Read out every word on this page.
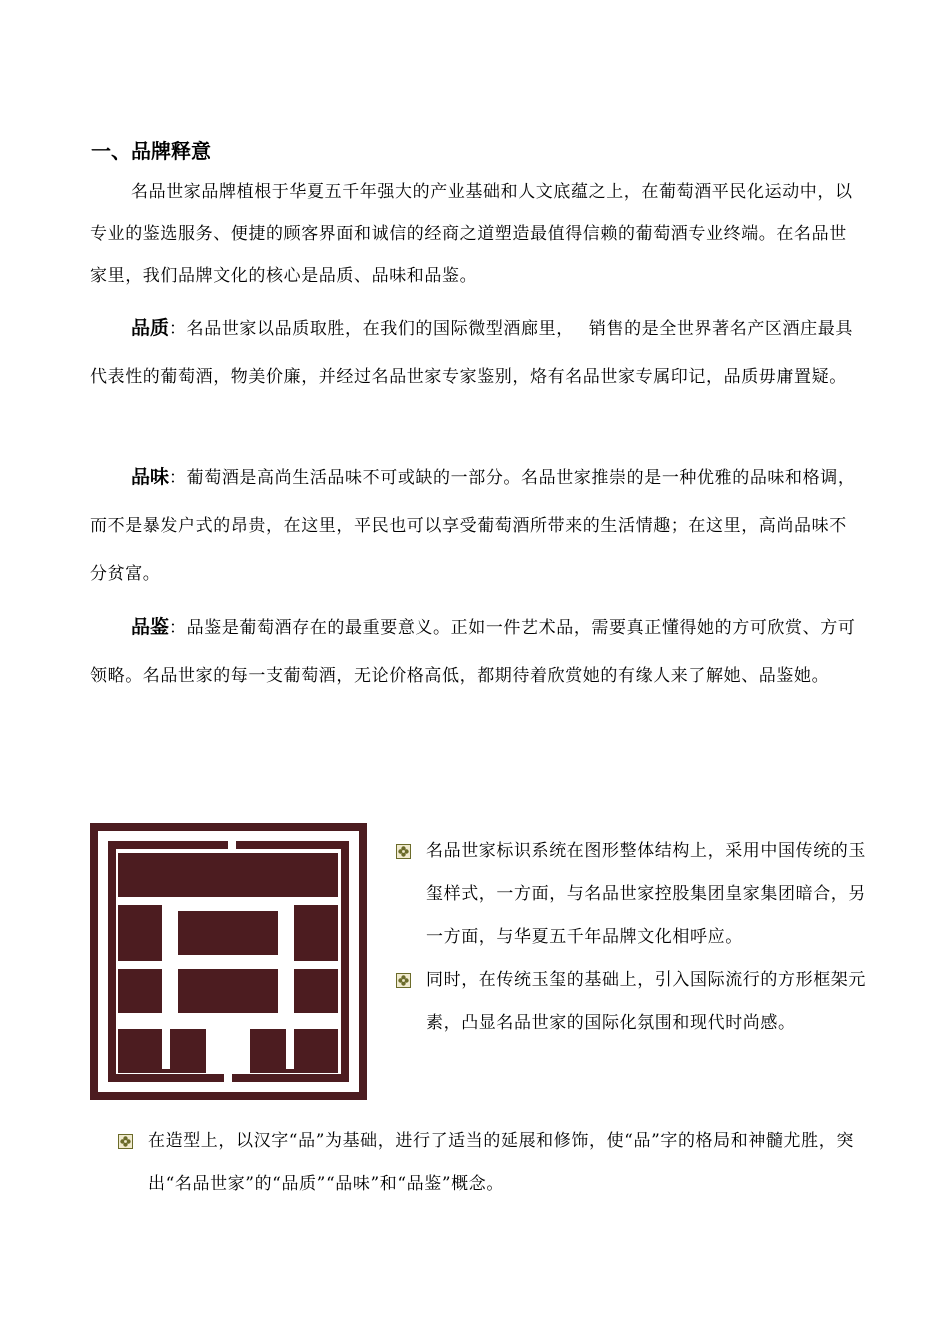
一、品牌释意

名品世家品牌植根于华夏五千年强大的产业基础和人文底蕴之上，在葡萄酒平民化运动中，以专业的鉴选服务、便捷的顾客界面和诚信的经商之道塑造最值得信赖的葡萄酒专业终端。在名品世家里，我们品牌文化的核心是品质、品味和品鉴。

品质：名品世家以品质取胜，在我们的国际微型酒廊里，　 销售的是全世界著名产区酒庄最具代表性的葡萄酒，物美价廉，并经过名品世家专家鉴别，烙有名品世家专属印记，品质毋庸置疑。

品味：葡萄酒是高尚生活品味不可或缺的一部分。名品世家推崇的是一种优雅的品味和格调，而不是暴发户式的昂贵，在这里，平民也可以享受葡萄酒所带来的生活情趣；在这里，高尚品味不分贫富。

品鉴：品鉴是葡萄酒存在的最重要意义。正如一件艺术品，需要真正懂得她的方可欣赏、方可领略。名品世家的每一支葡萄酒，无论价格高低，都期待着欣赏她的有缘人来了解她、品鉴她。

名品世家标识系统在图形整体结构上，采用中国传统的玉玺样式，一方面，与名品世家控股集团皇家集团暗合，另一方面，与华夏五千年品牌文化相呼应。
同时，在传统玉玺的基础上，引入国际流行的方形框架元素，凸显名品世家的国际化氛围和现代时尚感。
在造型上，以汉字“品”为基础，进行了适当的延展和修饰，使“品”字的格局和神髓尤胜，突出“名品世家”的“品质”“品味”和“品鉴”概念。
